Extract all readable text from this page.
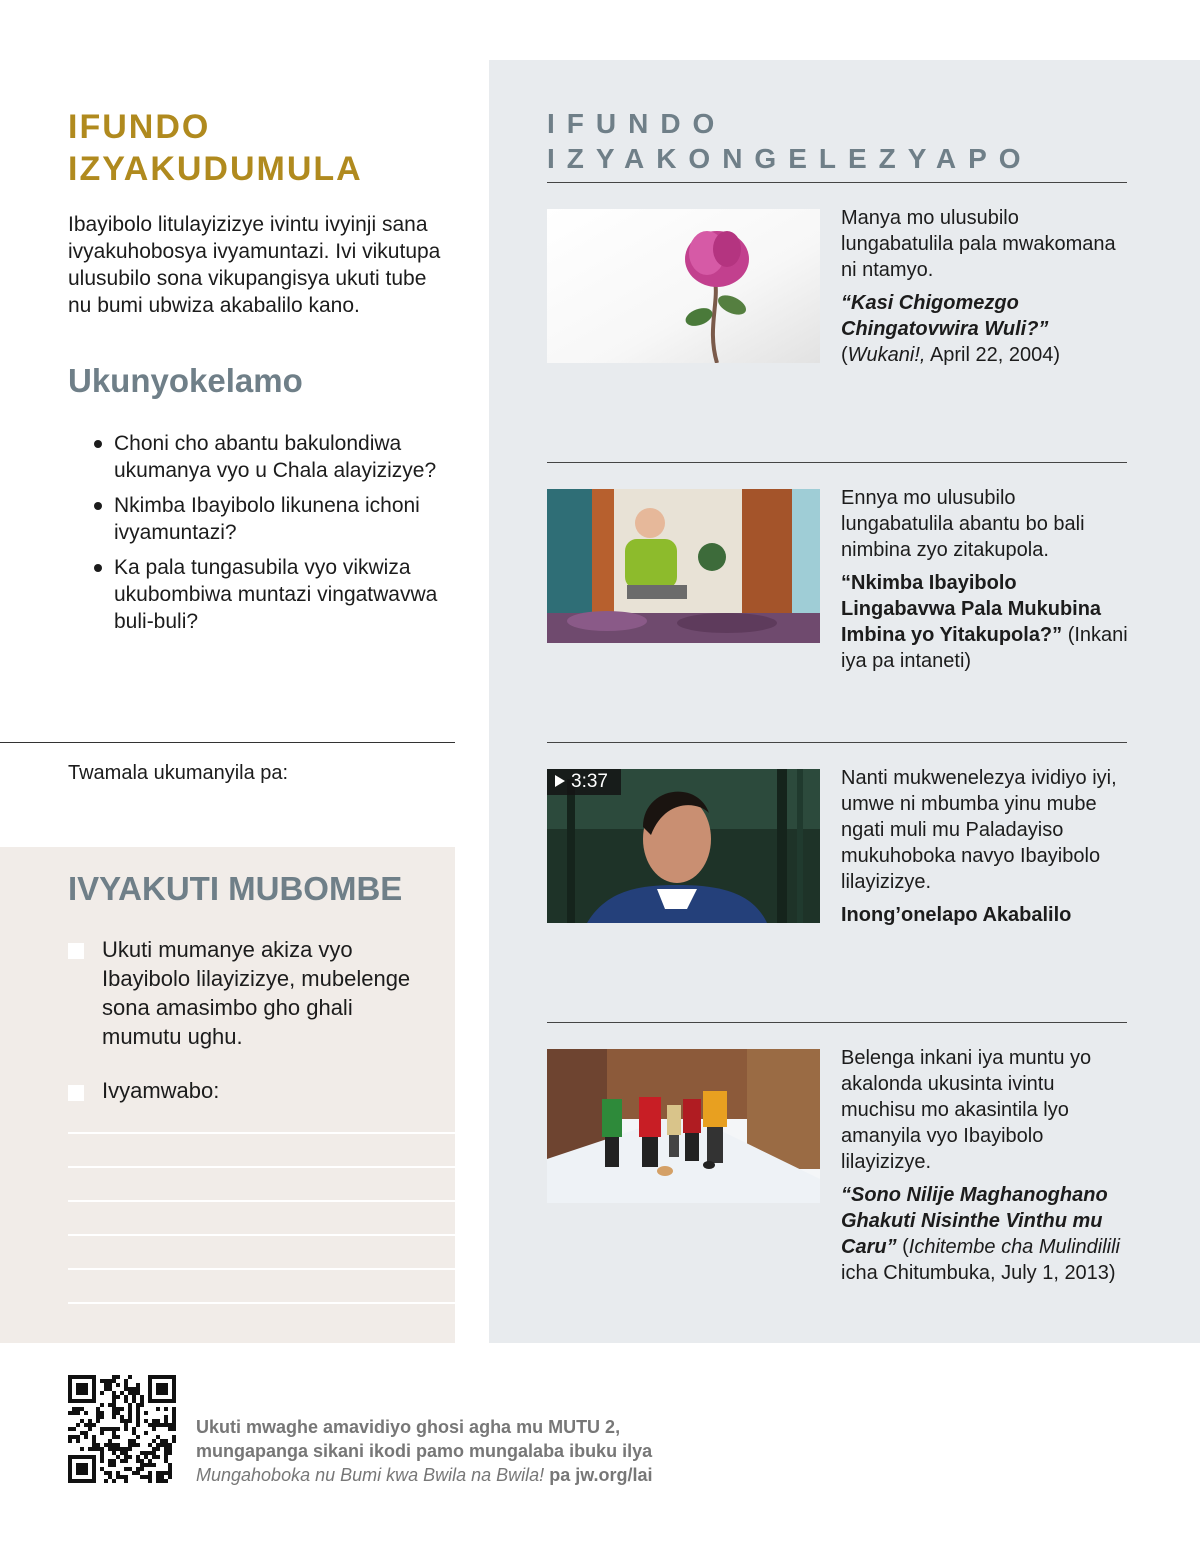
IFUNDO
IZYAKUDUMULA

Ibayibolo litulayizizye ivintu ivyinji sana ivyakuhobosya ivyamuntazi. Ivi vikutupa ulusubilo sona vikupangisya ukuti tube nu bumi ubwiza akabalilo kano.

Ukunyokelamo
Choni cho abantu bakulondiwa ukumanya vyo u Chala alayizizye?
Nkimba Ibayibolo likunena ichoni ivyamuntazi?
Ka pala tungasubila vyo vikwiza ukubombiwa muntazi vingatwavwa buli-buli?
Twamala ukumanyila pa:
IVYAKUTI MUBOMBE
Ukuti mumanye akiza vyo Ibayibolo lilayizizye, mubelenge sona amasimbo gho ghali mumutu ughu.
Ivyamwabo:
IFUNDO
IZYAKONGELEZYAPO

Manya mo ulusubilo lungabatulila pala mwakomana ni ntamyo.

“Kasi Chigomezgo Chingatovwira Wuli?” (Wukani!, April 22, 2004)

Ennya mo ulusubilo lungabatulila abantu bo bali nimbina zyo zitakupola.

“Nkimba Ibayibolo Lingabavwa Pala Mukubina Imbina yo Yitakupola?” (Inkani iya pa intaneti)

3:37	Nanti mukwenelezya ividiyo iyi, umwe ni mbumba yinu mube ngati muli mu Paladayiso mukuhoboka navyo Ibayibolo lilayizizye.

Inong’onelapo Akabalilo

Belenga inkani iya muntu yo akalonda ukusintа ivintu muchisu mo akasintila lyo amanyila vyo Ibayibolo lilayizizye.

“Sono Nilije Maghanoghano Ghakuti Nisinthe Vinthu mu Caru” (Ichitembe cha Mulindilili icha Chitumbuka, July 1, 2013)

Ukuti mwaghe amavidiyo ghosi agha mu MUTU 2,
mungapanga sikani ikodi pamo mungalaba ibuku ilya
Mungahoboka nu Bumi kwa Bwila na Bwila! pa jw.org/lai
